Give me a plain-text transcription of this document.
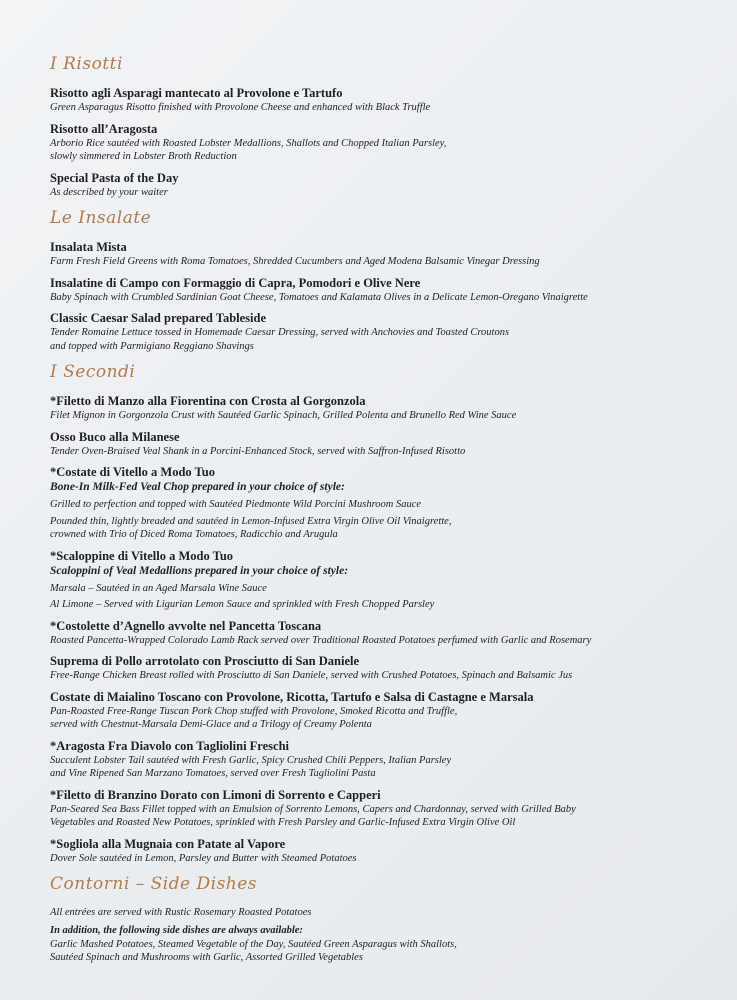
I Risotti
Risotto agli Asparagi mantecato al Provolone e Tartufo
Green Asparagus Risotto finished with Provolone Cheese and enhanced with Black Truffle
Risotto all’Aragosta
Arborio Rice sautéed with Roasted Lobster Medallions, Shallots and Chopped Italian Parsley,
slowly simmered in Lobster Broth Reduction
Special Pasta of the Day
As described by your waiter
Le Insalate
Insalata Mista
Farm Fresh Field Greens with Roma Tomatoes, Shredded Cucumbers and Aged Modena Balsamic Vinegar Dressing
Insalatine di Campo con Formaggio di Capra, Pomodori e Olive Nere
Baby Spinach with Crumbled Sardinian Goat Cheese, Tomatoes and Kalamata Olives in a Delicate Lemon-Oregano Vinaigrette
Classic Caesar Salad prepared Tableside
Tender Romaine Lettuce tossed in Homemade Caesar Dressing, served with Anchovies and Toasted Croutons
and topped with Parmigiano Reggiano Shavings
I Secondi
*Filetto di Manzo alla Fiorentina con Crosta al Gorgonzola
Filet Mignon in Gorgonzola Crust with Sautéed Garlic Spinach, Grilled Polenta and Brunello Red Wine Sauce
Osso Buco alla Milanese
Tender Oven-Braised Veal Shank in a Porcini-Enhanced Stock, served with Saffron-Infused Risotto
*Costate di Vitello a Modo Tuo
Bone-In Milk-Fed Veal Chop prepared in your choice of style:
Grilled to perfection and topped with Sautéed Piedmonte Wild Porcini Mushroom Sauce
Pounded thin, lightly breaded and sautéed in Lemon-Infused Extra Virgin Olive Oil Vinaigrette,
crowned with Trio of Diced Roma Tomatoes, Radicchio and Arugula
*Scaloppine di Vitello a Modo Tuo
Scaloppini of Veal Medallions prepared in your choice of style:
Marsala – Sautéed in an Aged Marsala Wine Sauce
Al Limone – Served with Ligurian Lemon Sauce and sprinkled with Fresh Chopped Parsley
*Costolette d’Agnello avvolte nel Pancetta Toscana
Roasted Pancetta-Wrapped Colorado Lamb Rack served over Traditional Roasted Potatoes perfumed with Garlic and Rosemary
Suprema di Pollo arrotolato con Prosciutto di San Daniele
Free-Range Chicken Breast rolled with Prosciutto di San Daniele, served with Crushed Potatoes, Spinach and Balsamic Jus
Costate di Maialino Toscano con Provolone, Ricotta, Tartufo e Salsa di Castagne e Marsala
Pan-Roasted Free-Range Tuscan Pork Chop stuffed with Provolone, Smoked Ricotta and Truffle,
served with Chestnut-Marsala Demi-Glace and a Trilogy of Creamy Polenta
*Aragosta Fra Diavolo con Tagliolini Freschi
Succulent Lobster Tail sautéed with Fresh Garlic, Spicy Crushed Chili Peppers, Italian Parsley
and Vine Ripened San Marzano Tomatoes, served over Fresh Tagliolini Pasta
*Filetto di Branzino Dorato con Limoni di Sorrento e Capperi
Pan-Seared Sea Bass Fillet topped with an Emulsion of Sorrento Lemons, Capers and Chardonnay, served with Grilled Baby
Vegetables and Roasted New Potatoes, sprinkled with Fresh Parsley and Garlic-Infused Extra Virgin Olive Oil
*Sogliola alla Mugnaia con Patate al Vapore
Dover Sole sautéed in Lemon, Parsley and Butter with Steamed Potatoes
Contorni – Side Dishes
All entrées are served with Rustic Rosemary Roasted Potatoes
In addition, the following side dishes are always available:
Garlic Mashed Potatoes, Steamed Vegetable of the Day, Sautéed Green Asparagus with Shallots,
Sautéed Spinach and Mushrooms with Garlic, Assorted Grilled Vegetables
